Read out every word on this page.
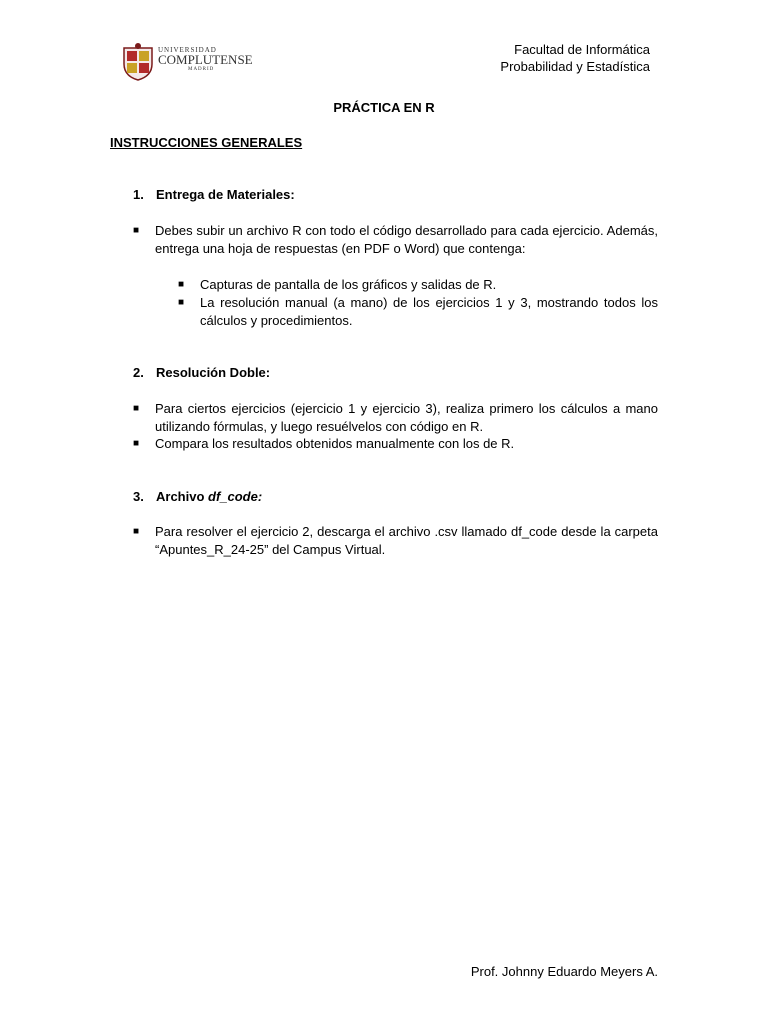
UNIVERSIDAD
COMPLUTENSE
MADRID
Facultad de Informática
Probabilidad y Estadística
PRÁCTICA EN R
INSTRUCCIONES GENERALES
1. Entrega de Materiales:
■ Debes subir un archivo R con todo el código desarrollado para cada ejercicio. Además, entrega una hoja de respuestas (en PDF o Word) que contenga:
■ Capturas de pantalla de los gráficos y salidas de R.
■ La resolución manual (a mano) de los ejercicios 1 y 3, mostrando todos los cálculos y procedimientos.
2. Resolución Doble:
■ Para ciertos ejercicios (ejercicio 1 y ejercicio 3), realiza primero los cálculos a mano utilizando fórmulas, y luego resuélvelos con código en R.
■ Compara los resultados obtenidos manualmente con los de R.
3. Archivo df_code:
■ Para resolver el ejercicio 2, descarga el archivo .csv llamado df_code desde la carpeta “Apuntes_R_24-25” del Campus Virtual.
Prof. Johnny Eduardo Meyers A.
